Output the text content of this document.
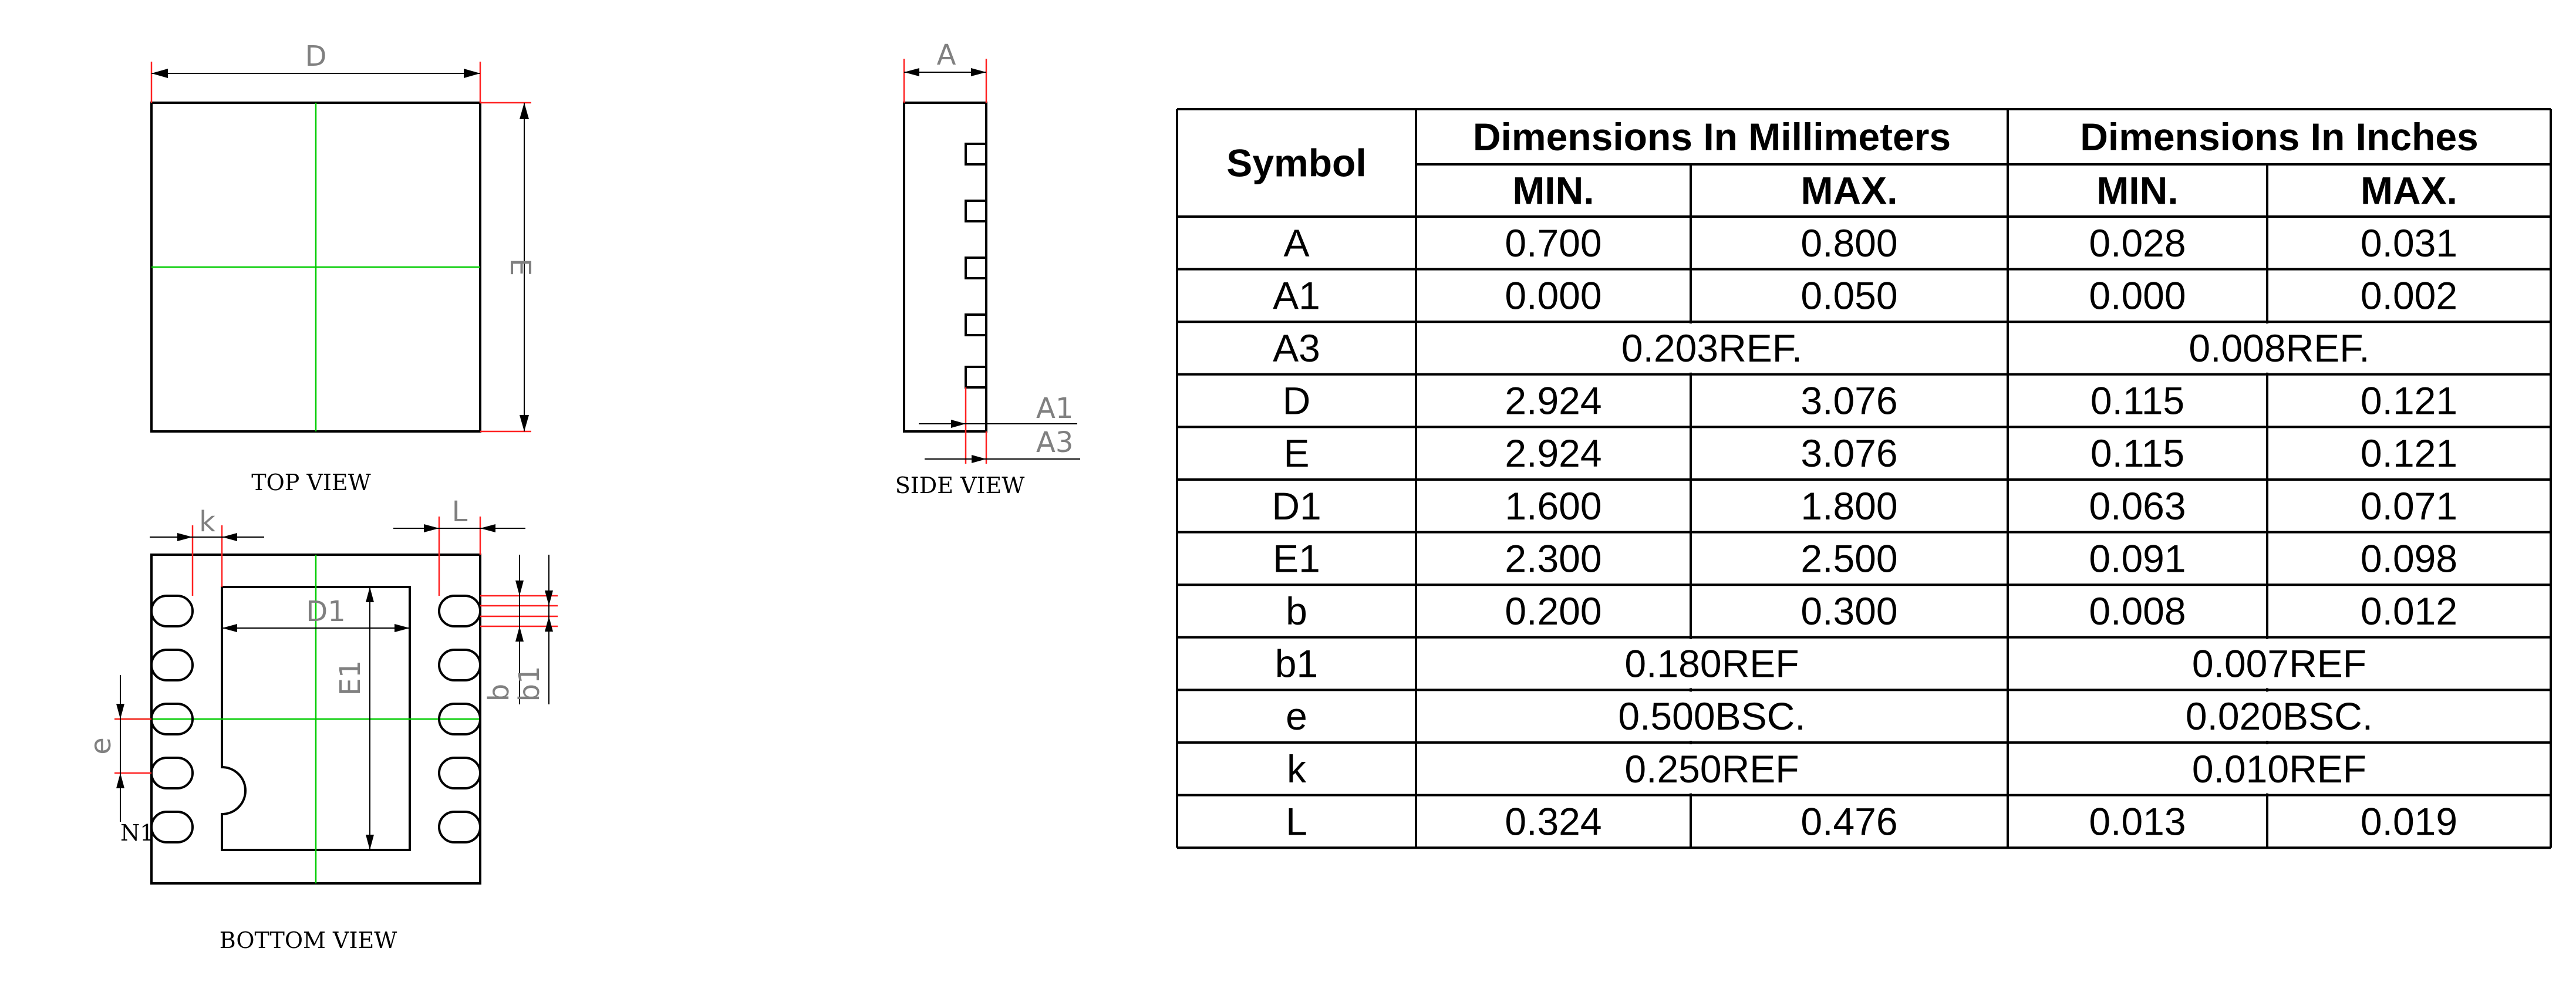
D
E
TOP VIEW
A
A1
A3
SIDE VIEW
k	L
D1
E1	b
b1
e
N1
BOTTOM VIEW
Symbol
Dimensions In Millimeters	Dimensions In Inches
MIN.	MAX.	MIN.	MAX.
A	0.700	0.800	0.028	0.031
A1	0.000	0.050	0.000	0.002
A3	0.203REF.	0.008REF.
D	2.924	3.076	0.115	0.121
E	2.924	3.076	0.115	0.121
D1	1.600	1.800	0.063	0.071
E1	2.300	2.500	0.091	0.098
b	0.200	0.300	0.008	0.012
b1	0.180REF	0.007REF
e	0.500BSC.	0.020BSC.
k	0.250REF	0.010REF
L	0.324	0.476	0.013	0.019
